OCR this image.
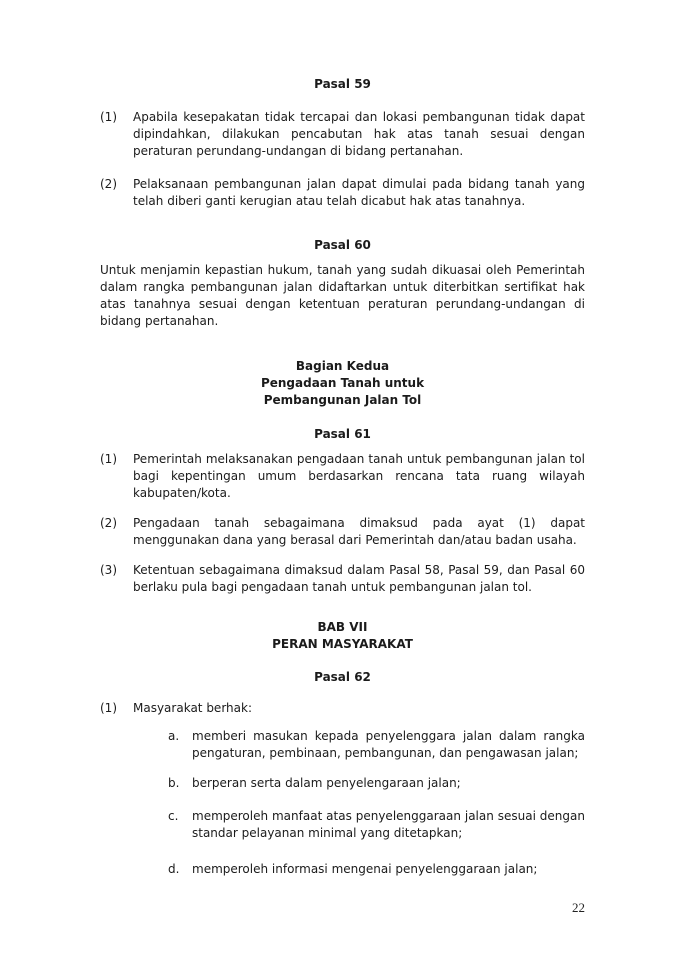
Pasal 59
(1)	Apabila kesepakatan tidak tercapai dan lokasi pembangunan tidak dapat dipindahkan, dilakukan pencabutan hak atas tanah sesuai dengan peraturan perundang-undangan di bidang pertanahan.
(2)	Pelaksanaan pembangunan jalan dapat dimulai pada bidang tanah yang telah diberi ganti kerugian atau telah dicabut hak atas tanahnya.
Pasal 60
Untuk menjamin kepastian hukum, tanah yang sudah dikuasai oleh Pemerintah dalam rangka pembangunan jalan didaftarkan untuk diterbitkan sertifikat hak atas tanahnya sesuai dengan ketentuan peraturan perundang-undangan di bidang pertanahan.
Bagian Kedua
Pengadaan Tanah untuk
Pembangunan Jalan Tol
Pasal 61
(1)	Pemerintah melaksanakan pengadaan tanah untuk pembangunan jalan tol bagi kepentingan umum berdasarkan rencana tata ruang wilayah kabupaten/kota.
(2)	Pengadaan tanah sebagaimana dimaksud pada ayat (1) dapat menggunakan dana yang berasal dari Pemerintah dan/atau badan usaha.
(3)	Ketentuan sebagaimana dimaksud dalam Pasal 58, Pasal 59, dan Pasal 60 berlaku pula bagi pengadaan tanah untuk pembangunan jalan tol.
BAB VII
PERAN MASYARAKAT
Pasal 62
(1)	Masyarakat berhak:
a.	memberi masukan kepada penyelenggara jalan dalam rangka pengaturan, pembinaan, pembangunan, dan pengawasan jalan;
b.	berperan serta dalam penyelengaraan jalan;
c.	memperoleh manfaat atas penyelenggaraan jalan sesuai dengan standar pelayanan minimal yang ditetapkan;
d.	memperoleh informasi mengenai penyelenggaraan jalan;
22
